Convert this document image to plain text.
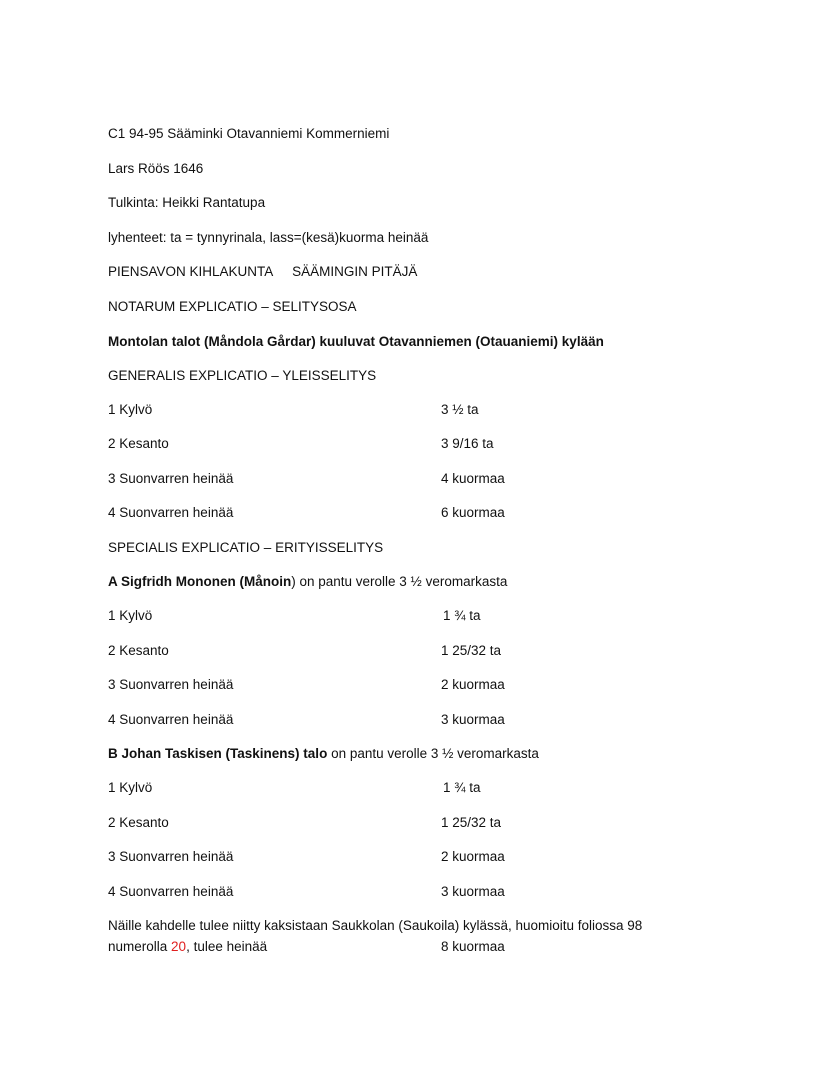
C1 94-95 Sääminki Otavanniemi Kommerniemi
Lars Röös 1646
Tulkinta: Heikki Rantatupa
lyhenteet: ta = tynnyrinala, lass=(kesä)kuorma heinää
PIENSAVON KIHLAKUNTA SÄÄMINGIN PITÄJÄ
NOTARUM EXPLICATIO – SELITYSOSA
Montolan talot (Måndola Gårdar) kuuluvat Otavanniemen (Otauaniemi) kylään
GENERALIS EXPLICATIO – YLEISSELITYS
1 Kylvö	3 ½ ta
2 Kesanto	3 9/16 ta
3 Suonvarren heinää	4 kuormaa
4 Suonvarren heinää	6 kuormaa
SPECIALIS EXPLICATIO – ERITYISSELITYS
A Sigfridh Mononen (Månoin) on pantu verolle 3 ½ veromarkasta
1 Kylvö	1 ¾ ta
2 Kesanto	1 25/32 ta
3 Suonvarren heinää	2 kuormaa
4 Suonvarren heinää	3 kuormaa
B Johan Taskisen (Taskinens) talo on pantu verolle 3 ½ veromarkasta
1 Kylvö	1 ¾ ta
2 Kesanto	1 25/32 ta
3 Suonvarren heinää	2 kuormaa
4 Suonvarren heinää	3 kuormaa
Näille kahdelle tulee niitty kaksistaan Saukkolan (Saukoila) kylässä, huomioitu foliossa 98
numerolla 20, tulee heinää	8 kuormaa
